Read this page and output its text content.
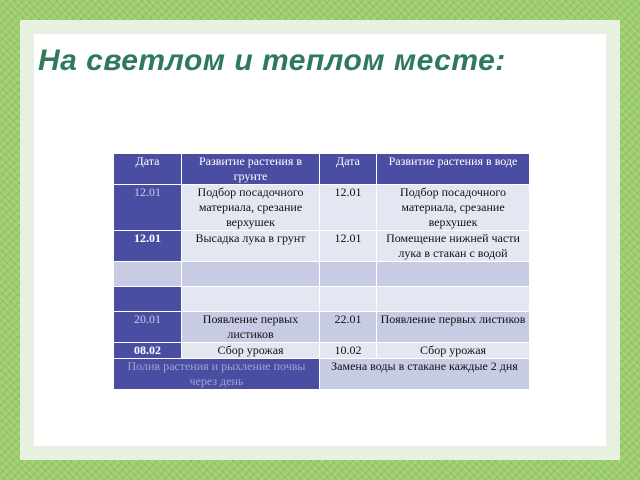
На светлом и теплом месте:
Дата	Развитие растения в грунте	Дата	Развитие растения в воде
12.01	Подбор посадочного материала, срезание верхушек	12.01	Подбор посадочного материала, срезание верхушек
12.01	Высадка лука в грунт	12.01	Помещение нижней части лука в стакан с водой

20.01	Появление первых листиков	22.01	Появление первых листиков
08.02	Сбор урожая	10.02	Сбор урожая
Полив растения и рыхление почвы через день		Замена воды в стакане каждые 2 дня	
